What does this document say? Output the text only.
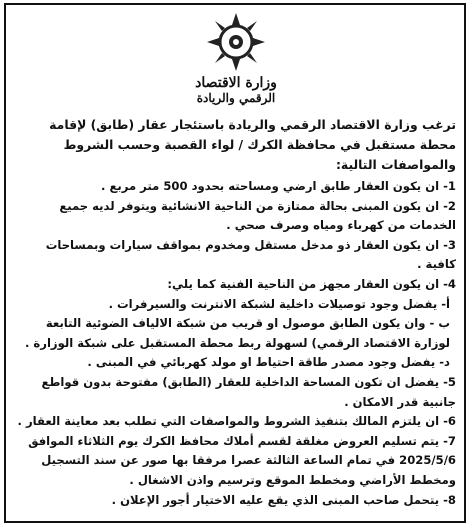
وزارة الاقتصاد
الرقمي والريادة

ترغب وزارة الاقتصاد الرقمي والريادة باستئجار عقار (طابق) لإقامة محطة مستقبل في محافظة الكرك / لواء القصبة وحسب الشروط والمواصفات التالية:

1- ان يكون العقار طابق ارضي ومساحته بحدود 500 متر مربع .

2- ان يكون المبنى بحالة ممتازة من الناحية الانشائية ويتوفر لديه جميع الخدمات من كهرباء ومياه وصرف صحي .

3- ان يكون العقار ذو مدخل مستقل ومخدوم بمواقف سيارات وبمساحات كافية .

4- ان يكون العقار مجهز من الناحية الفنية كما يلي:

أ- يفضل وجود توصيلات داخلية لشبكة الانترنت والسيرفرات .

ب - وان يكون الطابق موصول او قريب من شبكة الالياف الضوئية التابعة لوزارة الاقتصاد الرقمي) لسهولة ربط محطة المستقبل على شبكة الوزارة .

د- يفضل وجود مصدر طاقة احتياط او مولد كهربائي في المبنى .

5- يفضل ان تكون المساحة الداخلية للعقار (الطابق) مفتوحة بدون قواطع جانبية قدر الامكان .

6- ان يلتزم المالك بتنفيذ الشروط والمواصفات التي تطلب بعد معاينة العقار .

7- يتم تسليم العروض مغلقة لقسم أملاك محافظ الكرك يوم الثلاثاء الموافق 2025/5/6 في تمام الساعة الثالثة عصرا مرفقا بها صور عن سند التسجيل ومخطط الأراضي ومخطط الموقع وترسيم واذن الاشغال .

8- يتحمل صاحب المبنى الذي يقع عليه الاختيار أجور الإعلان .
